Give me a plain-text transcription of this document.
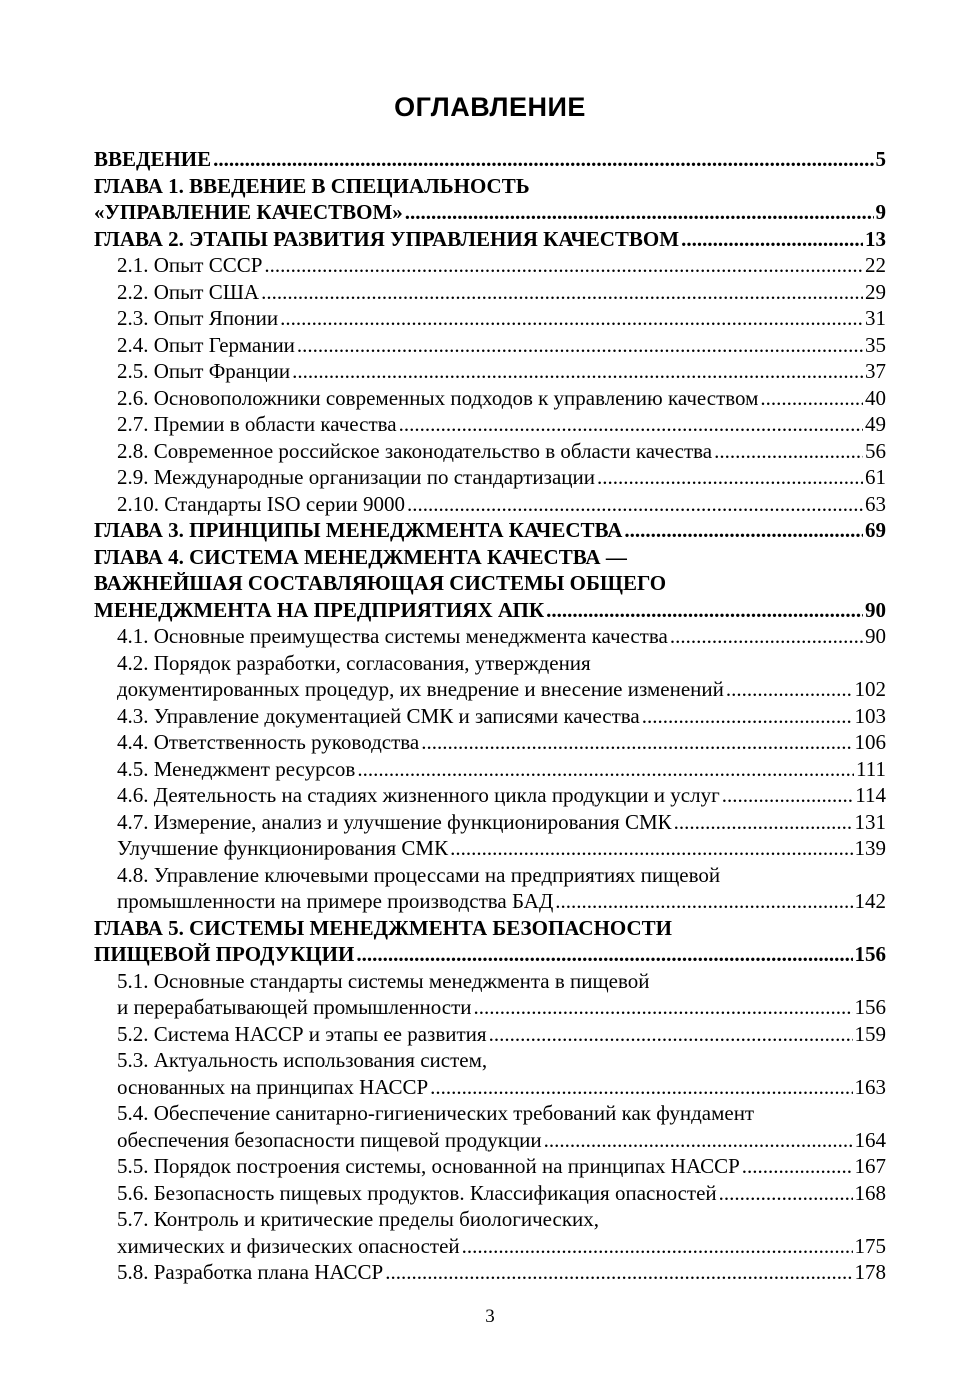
ОГЛАВЛЕНИЕ
ВВЕДЕНИЕ .....	5
ГЛАВА 1. ВВЕДЕНИЕ В СПЕЦИАЛЬНОСТЬ
«УПРАВЛЕНИЕ КАЧЕСТВОМ» .....	9
ГЛАВА 2. ЭТАПЫ РАЗВИТИЯ УПРАВЛЕНИЯ КАЧЕСТВОМ .....	13
2.1. Опыт СССР .....	22
2.2. Опыт США .....	29
2.3. Опыт Японии .....	31
2.4. Опыт Германии .....	35
2.5. Опыт Франции .....	37
2.6. Основоположники современных подходов к управлению качеством .....	40
2.7. Премии в области качества .....	49
2.8. Современное российское законодательство в области качества .....	56
2.9. Международные организации по стандартизации .....	61
2.10. Стандарты ISO серии 9000 .....	63
ГЛАВА 3. ПРИНЦИПЫ МЕНЕДЖМЕНТА КАЧЕСТВА .....	69
ГЛАВА 4. СИСТЕМА МЕНЕДЖМЕНТА КАЧЕСТВА —
ВАЖНЕЙШАЯ СОСТАВЛЯЮЩАЯ СИСТЕМЫ ОБЩЕГО
МЕНЕДЖМЕНТА НА ПРЕДПРИЯТИЯХ АПК .....	90
4.1. Основные преимущества системы менеджмента качества .....	90
4.2. Порядок разработки, согласования, утверждения
документированных процедур, их внедрение и внесение изменений .....	102
4.3. Управление документацией СМК и записями качества .....	103
4.4. Ответственность руководства .....	106
4.5. Менеджмент ресурсов .....	111
4.6. Деятельность на стадиях жизненного цикла продукции и услуг .....	114
4.7. Измерение, анализ и улучшение функционирования СМК .....	131
Улучшение функционирования СМК .....	139
4.8. Управление ключевыми процессами на предприятиях пищевой
промышленности на примере производства БАД .....	142
ГЛАВА 5. СИСТЕМЫ МЕНЕДЖМЕНТА БЕЗОПАСНОСТИ
ПИЩЕВОЙ ПРОДУКЦИИ .....	156
5.1. Основные стандарты системы менеджмента в пищевой
и перерабатывающей промышленности .....	156
5.2. Система НАССР и этапы ее развития .....	159
5.3. Актуальность использования систем,
основанных на принципах НАССР .....	163
5.4. Обеспечение санитарно-гигиенических требований как фундамент
обеспечения безопасности пищевой продукции .....	164
5.5. Порядок построения системы, основанной на принципах НАССР .....	167
5.6. Безопасность пищевых продуктов. Классификация опасностей .....	168
5.7. Контроль и критические пределы биологических,
химических и физических опасностей .....	175
5.8. Разработка плана НАССР .....	178
3
